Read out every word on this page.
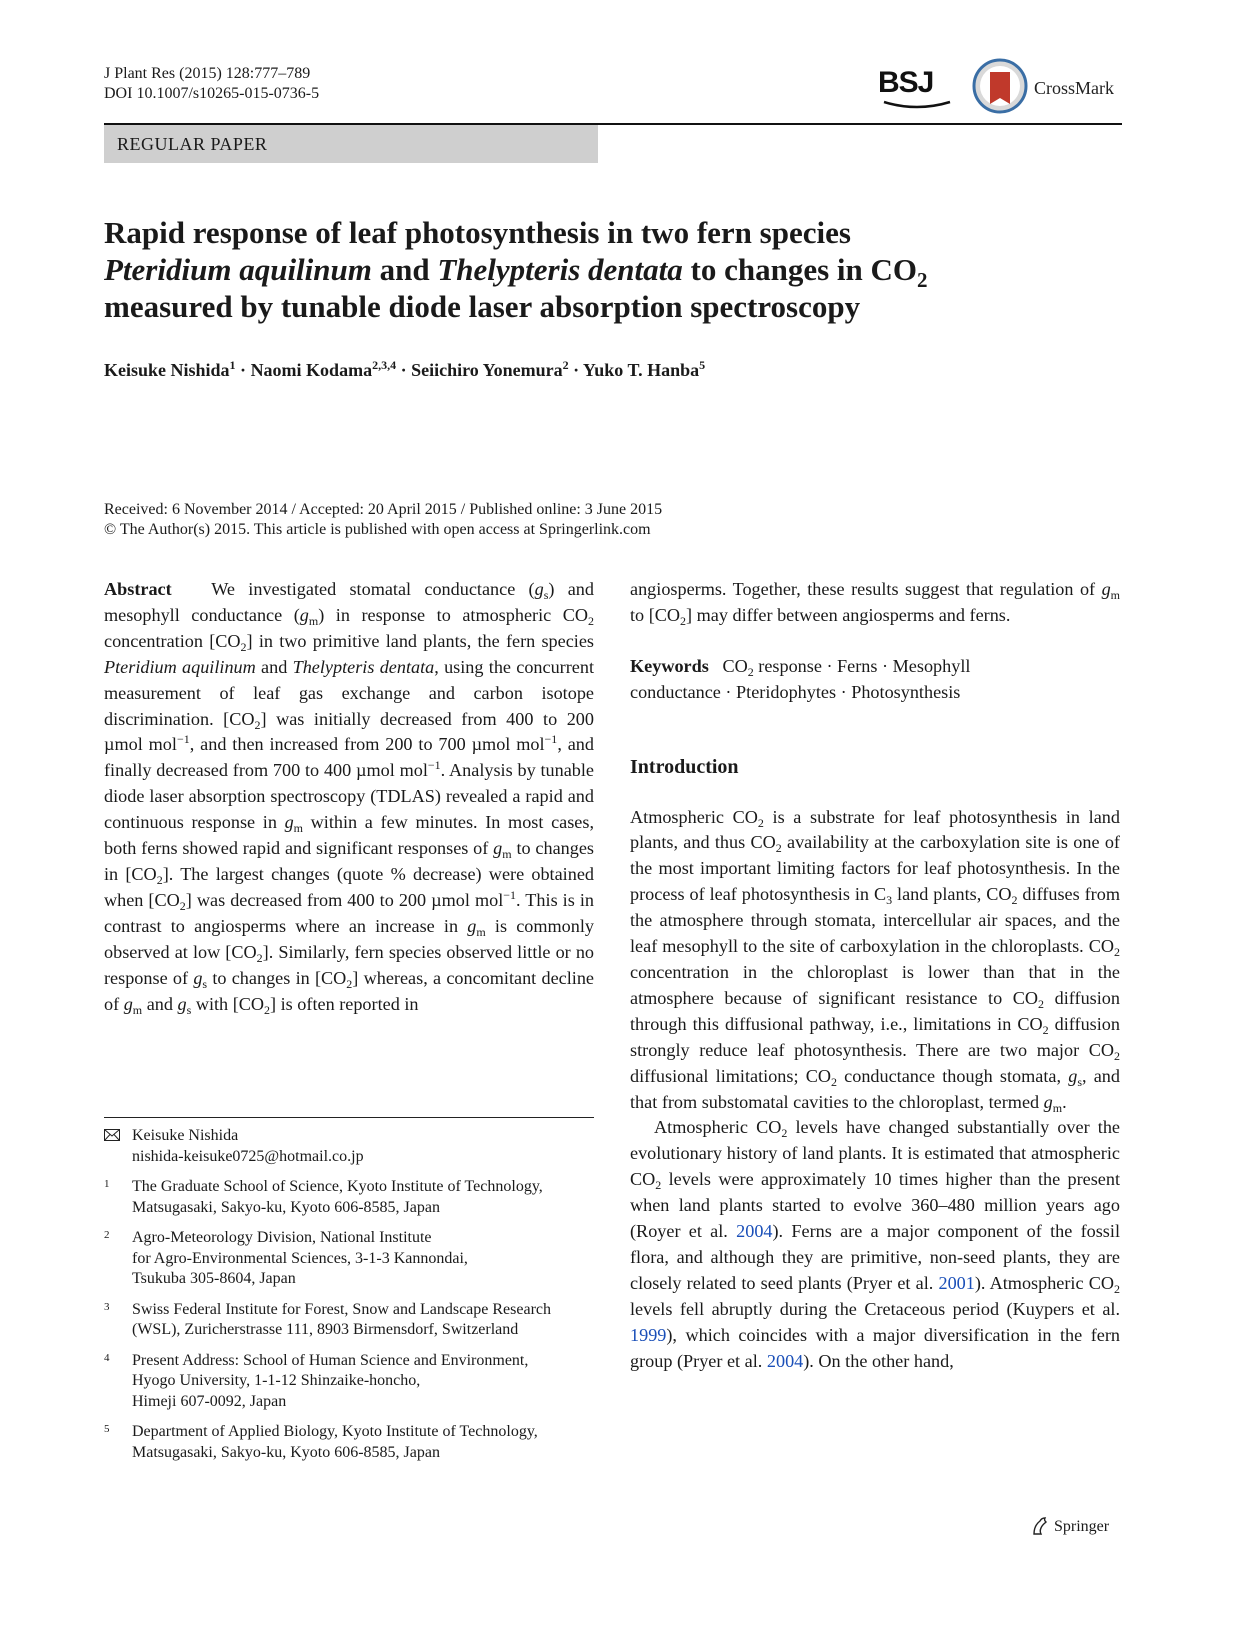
J Plant Res (2015) 128:777–789
DOI 10.1007/s10265-015-0736-5	BSJ	CrossMark
REGULAR PAPER
Rapid response of leaf photosynthesis in two fern species
Pteridium aquilinum and Thelypteris dentata to changes in $CO_2$
measured by tunable diode laser absorption spectroscopy
Keisuke Nishida$^1$ · Naomi Kodama$^{2,3,4}$ · Seiichiro Yonemura$^2$ · Yuko T. Hanba$^5$
Received: 6 November 2014 / Accepted: 20 April 2015 / Published online: 3 June 2015
© The Author(s) 2015. This article is published with open access at Springerlink.com

Abstract   We investigated stomatal conductance $(g_s)$ and mesophyll conductance $(g_m)$ in response to atmospheric $CO_2$ concentration $[CO_2]$ in two primitive land plants, the fern species Pteridium aquilinum and Thelypteris dentata, using the concurrent measurement of leaf gas exchange and carbon isotope discrimination. $[CO_2]$ was initially decreased from 400 to 200 µmol mol$^{-1}$, and then increased from 200 to 700 µmol mol$^{-1}$, and finally decreased from 700 to 400 µmol mol$^{-1}$. Analysis by tunable diode laser absorption spectroscopy (TDLAS) revealed a rapid and continuous response in $g_m$ within a few minutes. In most cases, both ferns showed rapid and significant responses of $g_m$ to changes in $[CO_2]$. The largest changes (quote % decrease) were obtained when $[CO_2]$ was decreased from 400 to 200 µmol mol$^{-1}$. This is in contrast to angiosperms where an increase in $g_m$ is commonly observed at low $[CO_2]$. Similarly, fern species observed little or no response of $g_s$ to changes in $[CO_2]$ whereas, a concomitant decline of $g_m$ and $g_s$ with $[CO_2]$ is often reported in

Keisuke Nishida
nishida-keisuke0725@hotmail.co.jp
1 The Graduate School of Science, Kyoto Institute of Technology,
Matsugasaki, Sakyo-ku, Kyoto 606-8585, Japan
2 Agro-Meteorology Division, National Institute
for Agro-Environmental Sciences, 3-1-3 Kannondai,
Tsukuba 305-8604, Japan
3 Swiss Federal Institute for Forest, Snow and Landscape Research
(WSL), Zuricherstrasse 111, 8903 Birmensdorf, Switzerland
4 Present Address: School of Human Science and Environment,
Hyogo University, 1-1-12 Shinzaike-honcho,
Himeji 607-0092, Japan
5 Department of Applied Biology, Kyoto Institute of Technology,
Matsugasaki, Sakyo-ku, Kyoto 606-8585, Japan

angiosperms. Together, these results suggest that regulation of $g_m$ to $[CO_2]$ may differ between angiosperms and ferns.

Keywords $CO_2$ response · Ferns · Mesophyll
conductance · Pteridophytes · Photosynthesis

Introduction

Atmospheric $CO_2$ is a substrate for leaf photosynthesis in land plants, and thus $CO_2$ availability at the carboxylation site is one of the most important limiting factors for leaf photosynthesis. In the process of leaf photosynthesis in $C_3$ land plants, $CO_2$ diffuses from the atmosphere through stomata, intercellular air spaces, and the leaf mesophyll to the site of carboxylation in the chloroplasts. $CO_2$ concentration in the chloroplast is lower than that in the atmosphere because of significant resistance to $CO_2$ diffusion through this diffusional pathway, i.e., limitations in $CO_2$ diffusion strongly reduce leaf photosynthesis. There are two major $CO_2$ diffusional limitations; $CO_2$ conductance though stomata, $g_s$, and that from substomatal cavities to the chloroplast, termed $g_m$.

Atmospheric $CO_2$ levels have changed substantially over the evolutionary history of land plants. It is estimated that atmospheric $CO_2$ levels were approximately 10 times higher than the present when land plants started to evolve 360–480 million years ago (Royer et al. 2004). Ferns are a major component of the fossil flora, and although they are primitive, non-seed plants, they are closely related to seed plants (Pryer et al. 2001). Atmospheric $CO_2$ levels fell abruptly during the Cretaceous period (Kuypers et al. 1999), which coincides with a major diversification in the fern group (Pryer et al. 2004). On the other hand,

Springer
